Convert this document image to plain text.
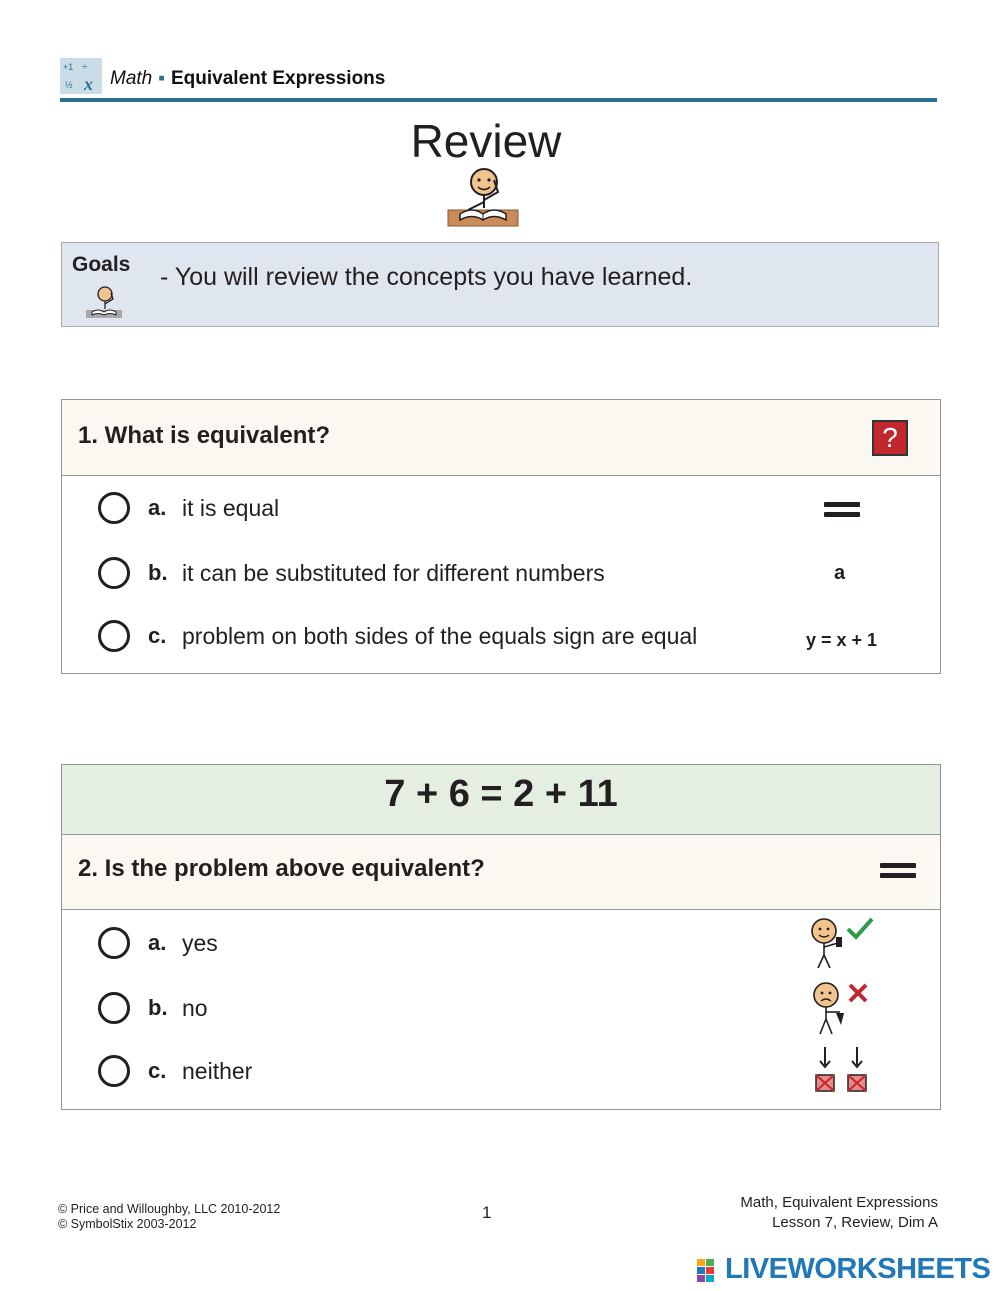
+1 ÷
½ x Math ▪ Equivalent Expressions
Review
Goals - You will review the concepts you have learned.
1. What is equivalent?	?
a. it is equal
b. it can be substituted for different numbers	a
c. problem on both sides of the equals sign are equal	y = x + 1
7 + 6 = 2 + 11
2. Is the problem above equivalent?
a. yes
b. no
c. neither
© Price and Willoughby, LLC 2010-2012
© SymbolStix 2003-2012
1
Math, Equivalent Expressions
Lesson 7, Review, Dim A
LIVEWORKSHEETS
